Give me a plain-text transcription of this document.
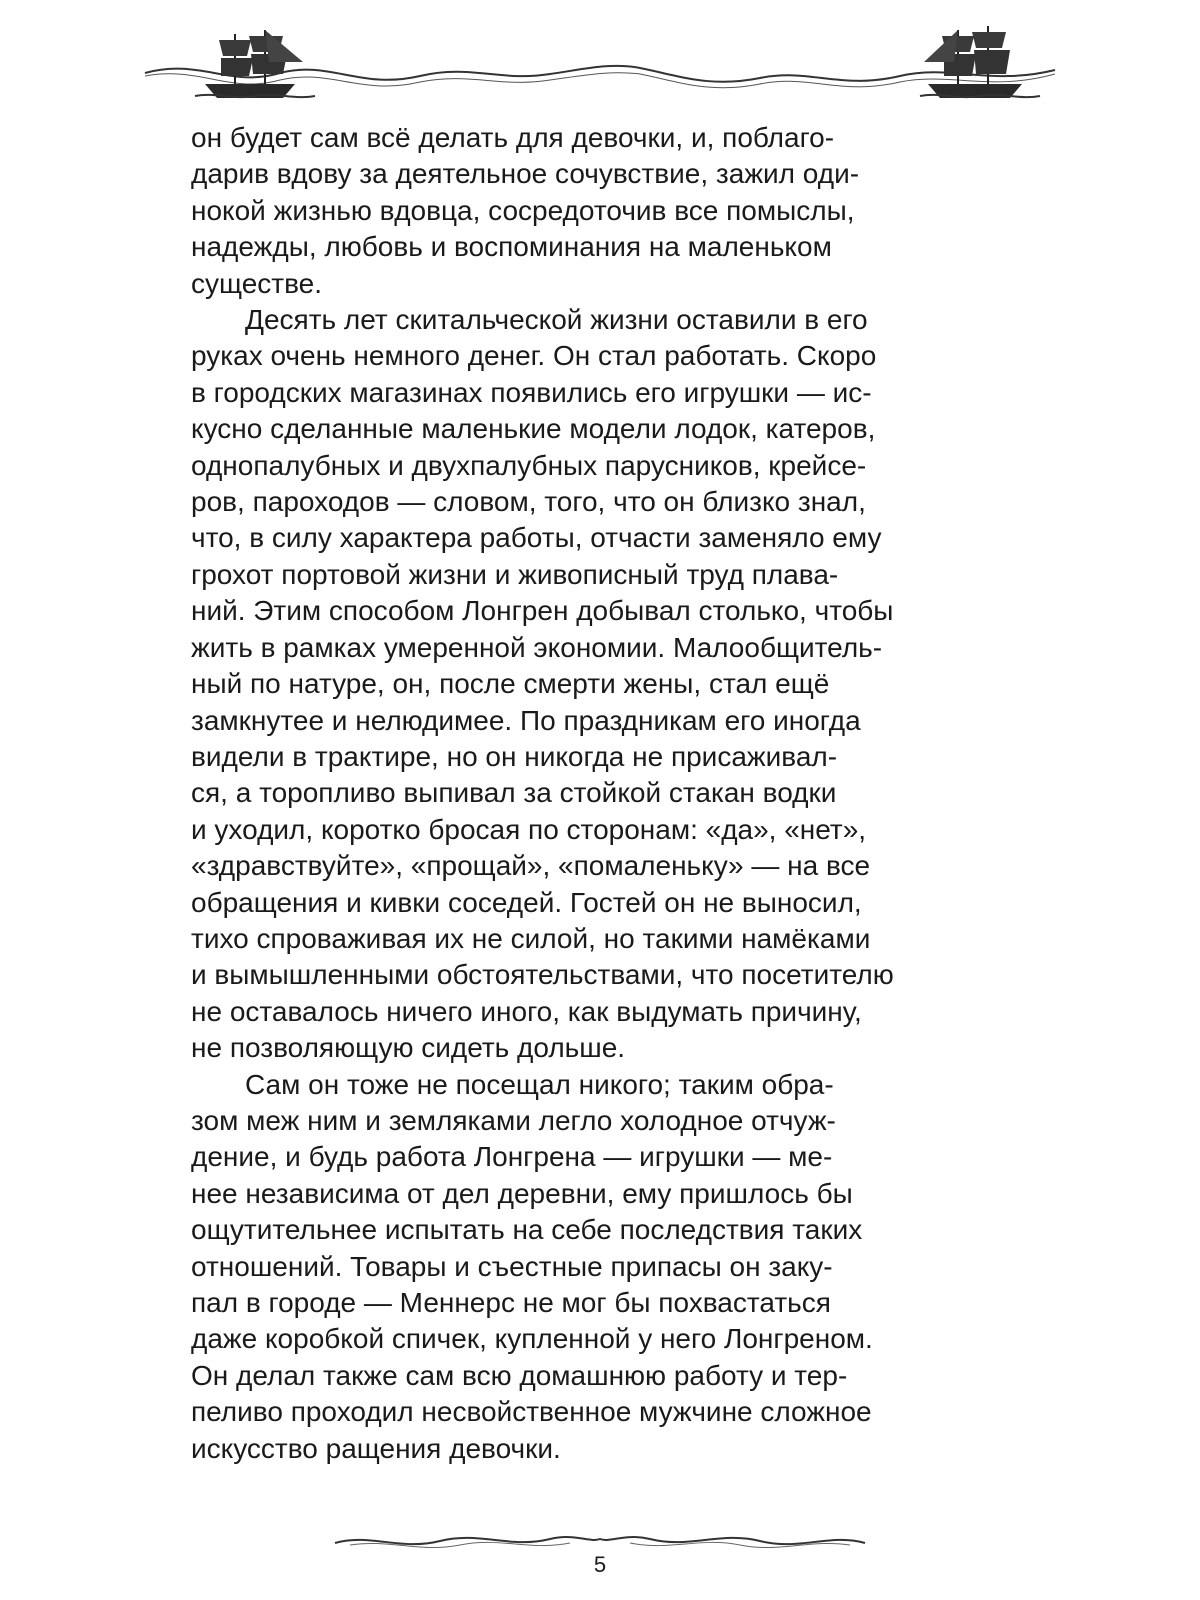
он будет сам всё делать для девочки, и, поблаго-
дарив вдову за деятельное сочувствие, зажил оди-
нокой жизнью вдовца, сосредоточив все помыслы,
надежды, любовь и воспоминания на маленьком
существе.

Десять лет скитальческой жизни оставили в его
руках очень немного денег. Он стал работать. Скоро
в городских магазинах появились его игрушки — ис-
кусно сделанные маленькие модели лодок, катеров,
однопалубных и двухпалубных парусников, крейсе-
ров, пароходов — словом, того, что он близко знал,
что, в силу характера работы, отчасти заменяло ему
грохот портовой жизни и живописный труд плава-
ний. Этим способом Лонгрен добывал столько, чтобы
жить в рамках умеренной экономии. Малообщитель-
ный по натуре, он, после смерти жены, стал ещё
замкнутее и нелюдимее. По праздникам его иногда
видели в трактире, но он никогда не присаживал-
ся, а торопливо выпивал за стойкой стакан водки
и уходил, коротко бросая по сторонам: «да», «нет»,
«здравствуйте», «прощай», «помаленьку» — на все
обращения и кивки соседей. Гостей он не выносил,
тихо спроваживая их не силой, но такими намёками
и вымышленными обстоятельствами, что посетителю
не оставалось ничего иного, как выдумать причину,
не позволяющую сидеть дольше.

Сам он тоже не посещал никого; таким обра-
зом меж ним и земляками легло холодное отчуж-
дение, и будь работа Лонгрена — игрушки — ме-
нее независима от дел деревни, ему пришлось бы
ощутительнее испытать на себе последствия таких
отношений. Товары и съестные припасы он заку-
пал в городе — Меннерс не мог бы похвастаться
даже коробкой спичек, купленной у него Лонгреном.
Он делал также сам всю домашнюю работу и тер-
пеливо проходил несвойственное мужчине сложное
искусство ращения девочки.

5
